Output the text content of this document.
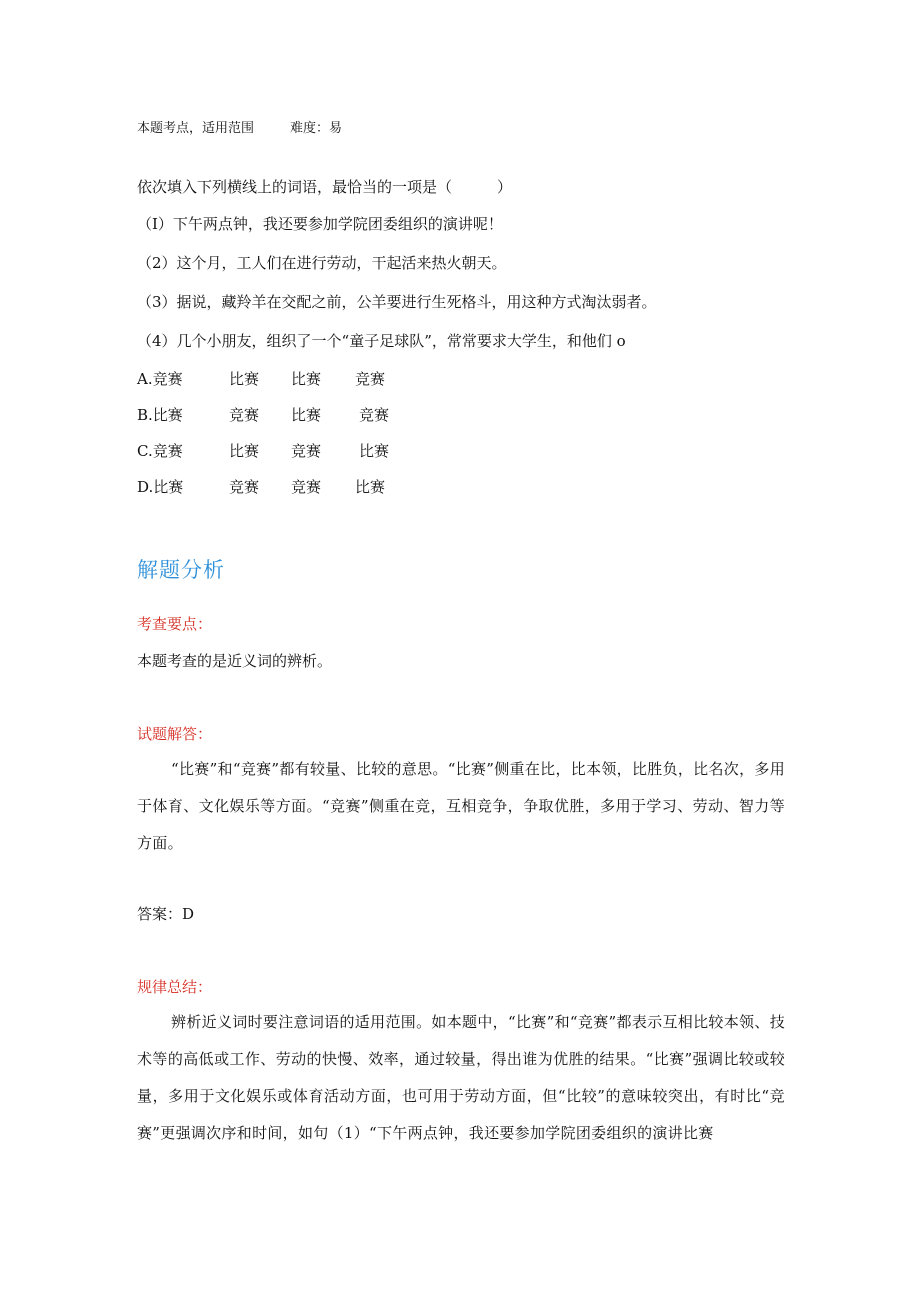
本题考点，适用范围	难度：易
依次填入下列横线上的词语，最恰当的一项是（　　　）
（I）下午两点钟，我还要参加学院团委组织的演讲呢！
（2）这个月，工人们在进行劳动，干起活来热火朝天。
（3）据说，藏羚羊在交配之前，公羊要进行生死格斗，用这种方式淘汰弱者。
（4）几个小朋友，组织了一个“童子足球队”，常常要求大学生，和他们 o
A.竞赛	比赛 比赛 竞赛
B.比赛	竞赛 比赛	竞赛
C.竞赛	比赛 竞赛	比赛
D.比赛	竞赛 竞赛 比赛
解题分析
考查要点：
本题考查的是近义词的辨析。
试题解答：
“比赛”和“竞赛”都有较量、比较的意思。“比赛”侧重在比，比本领，比胜负，比名次，多用于体育、文化娱乐等方面。“竞赛”侧重在竞，互相竞争，争取优胜，多用于学习、劳动、智力等方面。
答案：D
规律总结：
辨析近义词时要注意词语的适用范围。如本题中，“比赛”和“竞赛”都表示互相比较本领、技术等的高低或工作、劳动的快慢、效率，通过较量，得出谁为优胜的结果。“比赛”强调比较或较量，多用于文化娱乐或体育活动方面，也可用于劳动方面，但“比较”的意味较突出，有时比“竞赛”更强调次序和时间，如句（1）“下午两点钟，我还要参加学院团委组织的演讲比赛
